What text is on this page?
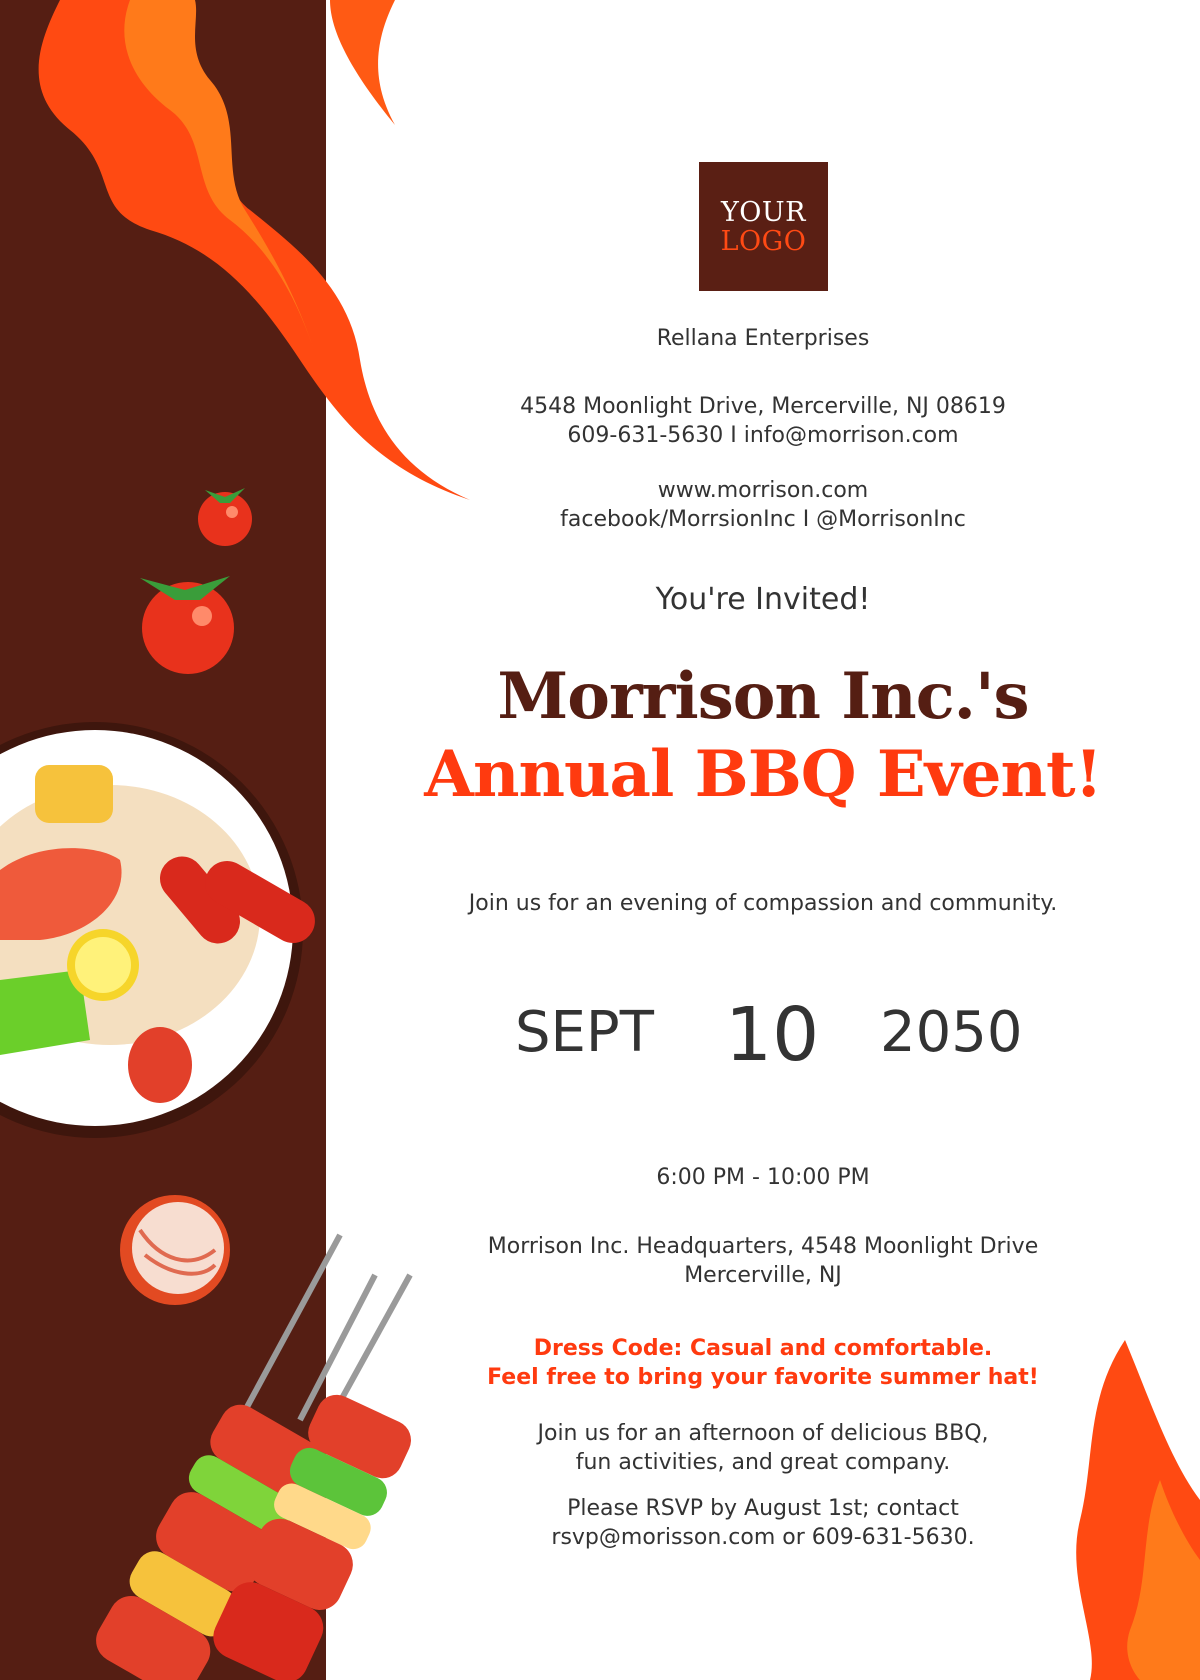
YOUR
LOGO
Rellana Enterprises
4548 Moonlight Drive, Mercerville, NJ 08619
609-631-5630 I info@morrison.com
www.morrison.com
facebook/MorrsionInc I @MorrisonInc
You're Invited!
Morrison Inc.'s
Annual BBQ Event!
Join us for an evening of compassion and community.
SEPT 10 2050
6:00 PM - 10:00 PM
Morrison Inc. Headquarters, 4548 Moonlight Drive
Mercerville, NJ
Dress Code: Casual and comfortable.
Feel free to bring your favorite summer hat!
Join us for an afternoon of delicious BBQ,
fun activities, and great company.
Please RSVP by August 1st; contact
rsvp@morisson.com or 609-631-5630.
